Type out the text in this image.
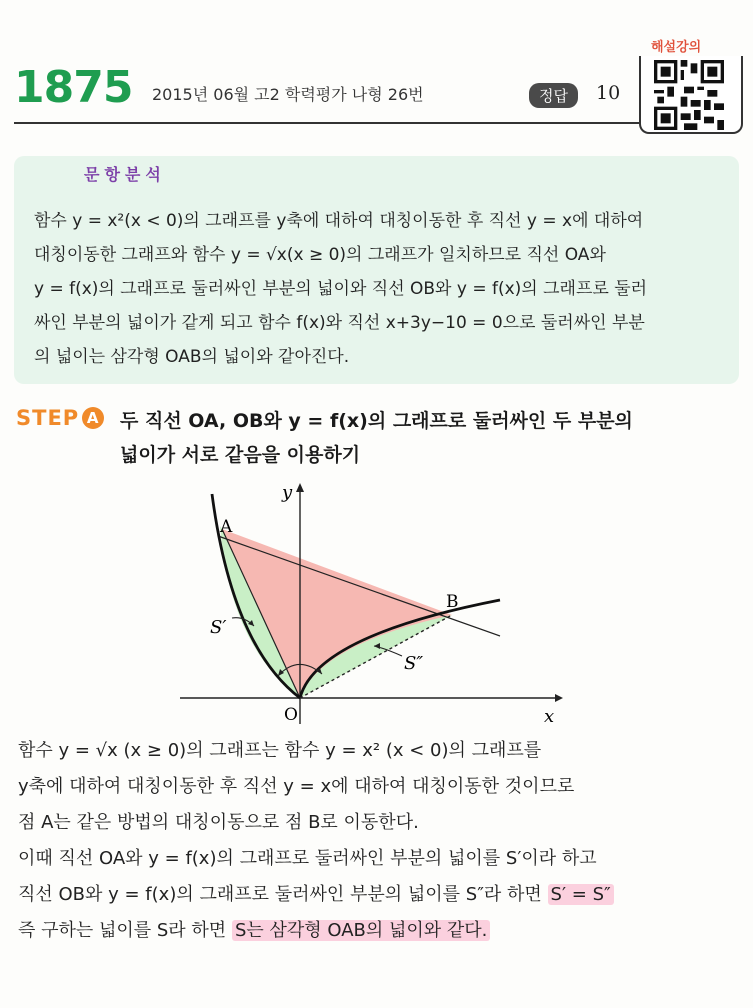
1875 2015년 06월 고2 학력평가 나형 26번	정답	10
해설강의
문항분석
함수 y = x²(x < 0)의 그래프를 y축에 대하여 대칭이동한 후 직선 y = x에 대하여
대칭이동한 그래프와 함수 y = √x(x ≥ 0)의 그래프가 일치하므로 직선 OA와
y = f(x)의 그래프로 둘러싸인 부분의 넓이와 직선 OB와 y = f(x)의 그래프로 둘러
싸인 부분의 넓이가 같게 되고 함수 f(x)와 직선 x+3y−10 = 0으로 둘러싸인 부분
의 넓이는 삼각형 OAB의 넓이와 같아진다.
STEP A 두 직선 OA, OB와 y = f(x)의 그래프로 둘러싸인 두 부분의
넓이가 서로 같음을 이용하기
y
x
O
A
B
S′
S″
함수 y = √x (x ≥ 0)의 그래프는 함수 y = x² (x < 0)의 그래프를
y축에 대하여 대칭이동한 후 직선 y = x에 대하여 대칭이동한 것이므로
점 A는 같은 방법의 대칭이동으로 점 B로 이동한다.
이때 직선 OA와 y = f(x)의 그래프로 둘러싸인 부분의 넓이를 S′이라 하고
직선 OB와 y = f(x)의 그래프로 둘러싸인 부분의 넓이를 S″라 하면 S′ = S″
즉 구하는 넓이를 S라 하면 S는 삼각형 OAB의 넓이와 같다.
